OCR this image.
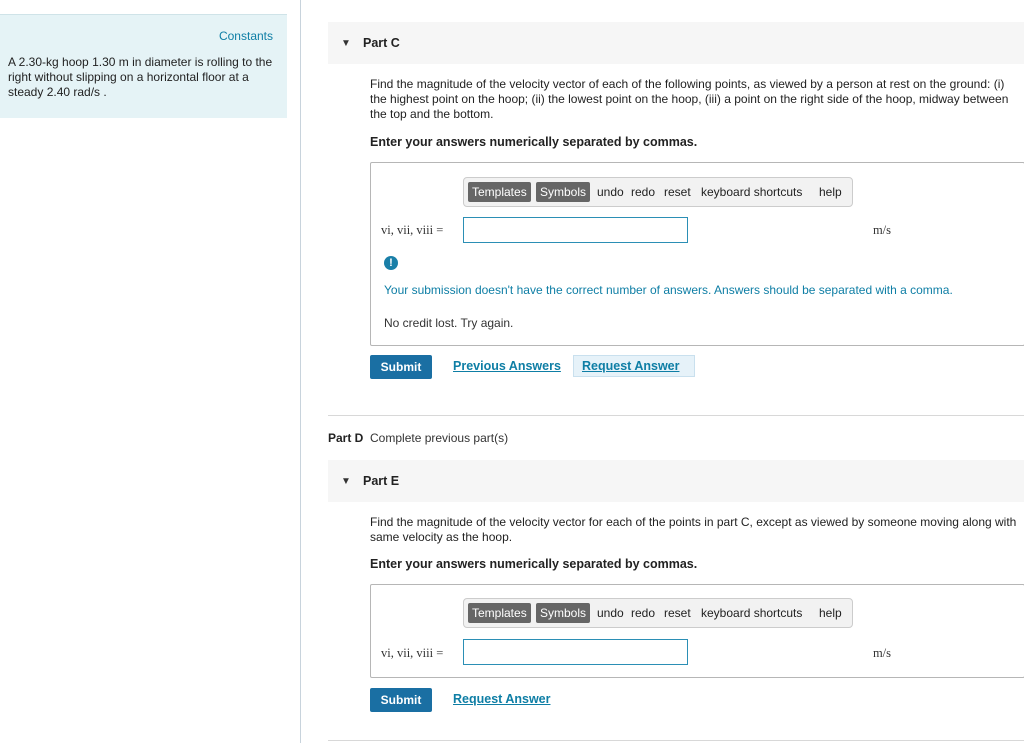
Constants
A 2.30-kg hoop 1.30 m in diameter is rolling to the right without slipping on a horizontal floor at a steady 2.40 rad/s .
▼ Part C
Find the magnitude of the velocity vector of each of the following points, as viewed by a person at rest on the ground: (i) the highest point on the hoop; (ii) the lowest point on the hoop, (iii) a point on the right side of the hoop, midway between the top and the bottom.
Enter your answers numerically separated by commas.
Templates	Symbols undo redo reset keyboard shortcuts help
vi, vii, viii =	m/s
!
Your submission doesn't have the correct number of answers. Answers should be separated with a comma.
No credit lost. Try again.
Submit	Previous Answers Request Answer
Part D Complete previous part(s)
▼ Part E
Find the magnitude of the velocity vector for each of the points in part C, except as viewed by someone moving along with same velocity as the hoop.
Enter your answers numerically separated by commas.
Templates	Symbols undo redo reset keyboard shortcuts help
vi, vii, viii =	m/s
Submit	Request Answer
